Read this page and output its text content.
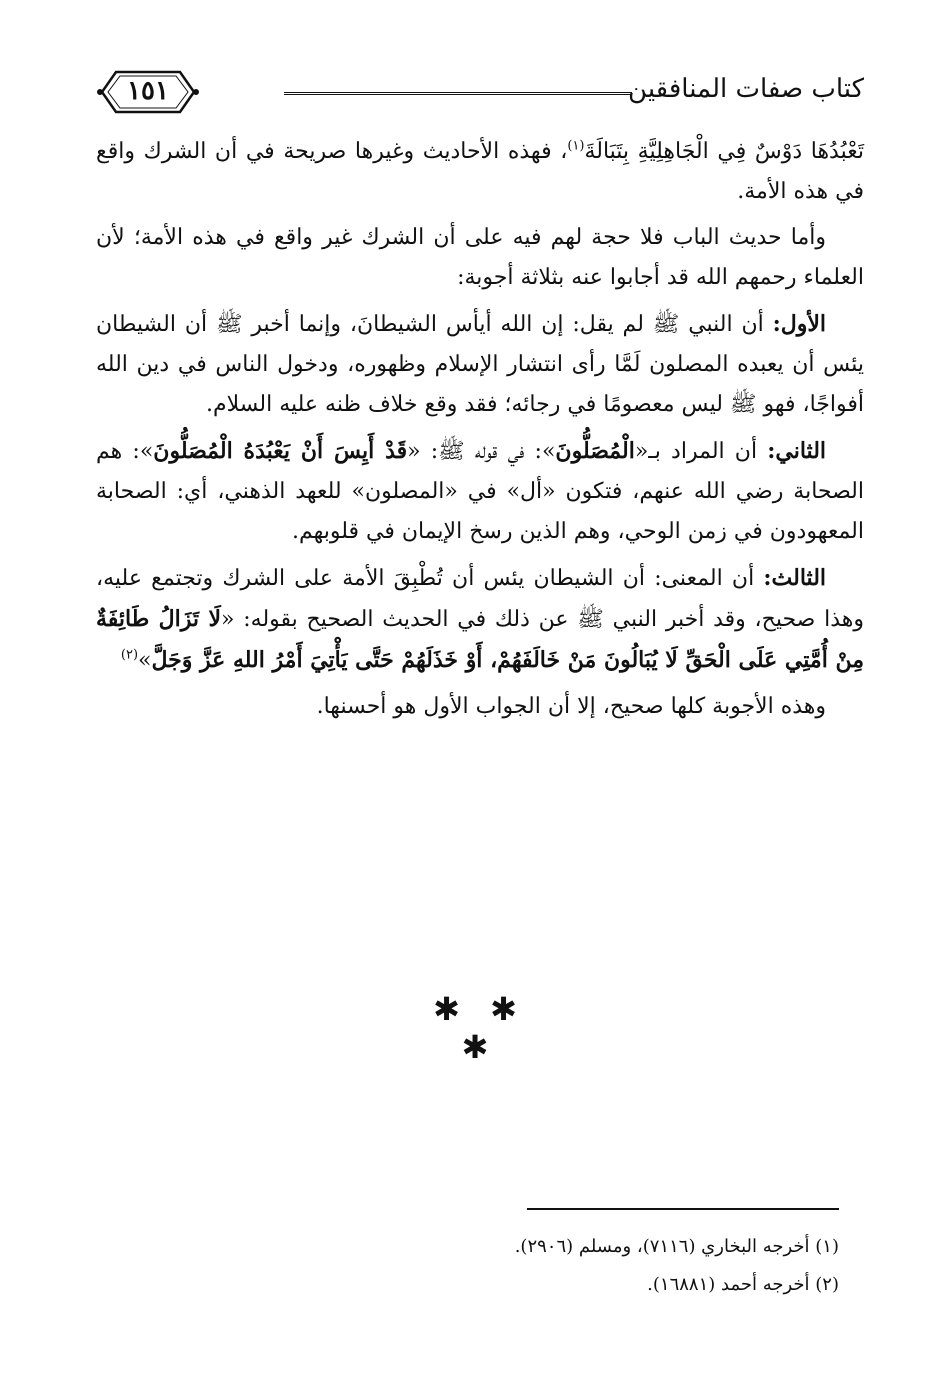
كتاب صفات المنافقين
١٥١

تَعْبُدُهَا دَوْسٌ فِي الْجَاهِلِيَّةِ بِتَبَالَةَ$^{(١)}$، فهذه الأحاديث وغيرها صريحة في أن الشرك واقع في هذه الأمة.

وأما حديث الباب فلا حجة لهم فيه على أن الشرك غير واقع في هذه الأمة؛ لأن العلماء رحمهم الله قد أجابوا عنه بثلاثة أجوبة:

الأول: أن النبي ﷺ لم يقل: إن الله أيأس الشيطانَ، وإنما أخبر ﷺ أن الشيطان يئس أن يعبده المصلون لَمَّا رأى انتشار الإسلام وظهوره، ودخول الناس في دين الله أفواجًا، فهو ﷺ ليس معصومًا في رجائه؛ فقد وقع خلاف ظنه عليه السلام.

الثاني: أن المراد بـ«الْمُصَلُّونَ»: في قوله ﷺ: «قَدْ أَيِسَ أَنْ يَعْبُدَهُ الْمُصَلُّونَ»: هم الصحابة رضي الله عنهم، فتكون «أل» في «المصلون» للعهد الذهني، أي: الصحابة المعهودون في زمن الوحي، وهم الذين رسخ الإيمان في قلوبهم.

الثالث: أن المعنى: أن الشيطان يئس أن تُطْبِقَ الأمة على الشرك وتجتمع عليه، وهذا صحيح، وقد أخبر النبي ﷺ عن ذلك في الحديث الصحيح بقوله: «لَا تَزَالُ طَائِفَةٌ مِنْ أُمَّتِي عَلَى الْحَقِّ لَا يُبَالُونَ مَنْ خَالَفَهُمْ، أَوْ خَذَلَهُمْ حَتَّى يَأْتِيَ أَمْرُ اللهِ عَزَّ وَجَلَّ»$^{(٢)}$

وهذه الأجوبة كلها صحيح، إلا أن الجواب الأول هو أحسنها.

✱ ✱ ✱
(١) أخرجه البخاري (٧١١٦)، ومسلم (٢٩٠٦).
(٢) أخرجه أحمد (١٦٨٨١).
